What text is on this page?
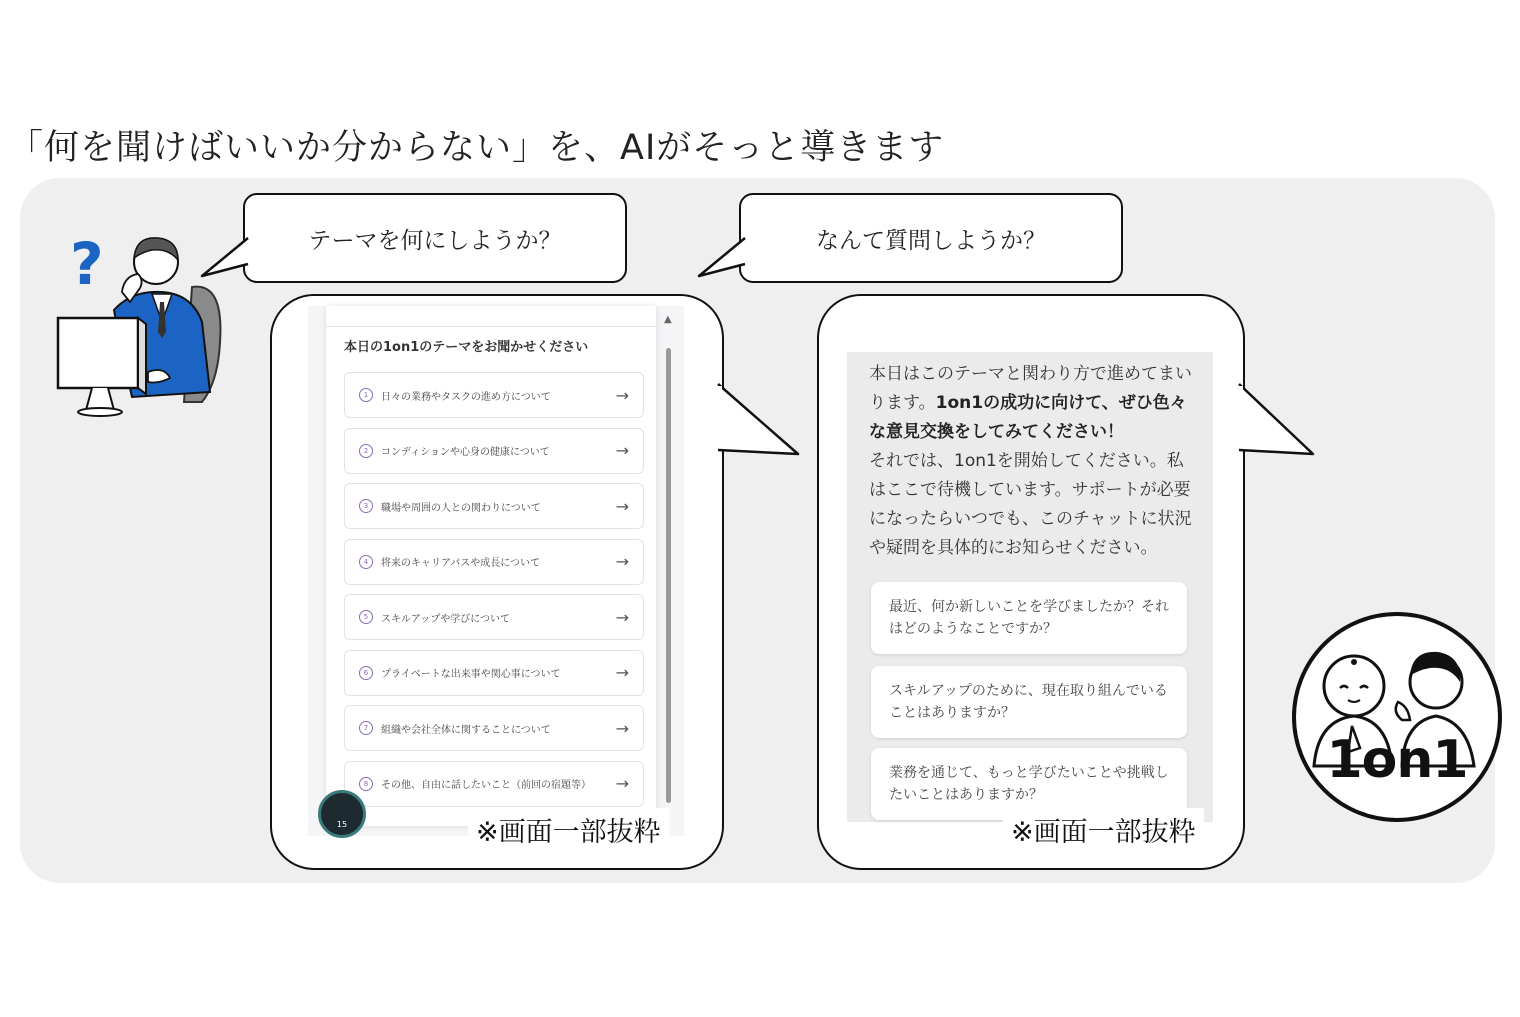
「何を聞けばいいか分からない」を、AIがそっと導きます
?	テーマを何にしようか？	なんて質問しようか？
本日の1on1のテーマをお聞かせください
1	日々の業務やタスクの進め方について	→
2	コンディションや心身の健康について	→
3	職場や周囲の人との関わりについて	→
4	将来のキャリアパスや成長について	→
5	スキルアップや学びについて	→
6	プライベートな出来事や関心事について	→
7	組織や会社全体に関することについて	→
8	その他、自由に話したいこと（前回の宿題等）	→
▲
15	※画面一部抜粋
本日はこのテーマと関わり方で進めてまいります。1on1の成功に向けて、ぜひ色々な意見交換をしてみてください！
それでは、1on1を開始してください。私はここで待機しています。サポートが必要になったらいつでも、このチャットに状況や疑問を具体的にお知らせください。
最近、何か新しいことを学びましたか？それはどのようなことですか？
スキルアップのために、現在取り組んでいることはありますか？
業務を通じて、もっと学びたいことや挑戦したいことはありますか？
※画面一部抜粋
1on1
